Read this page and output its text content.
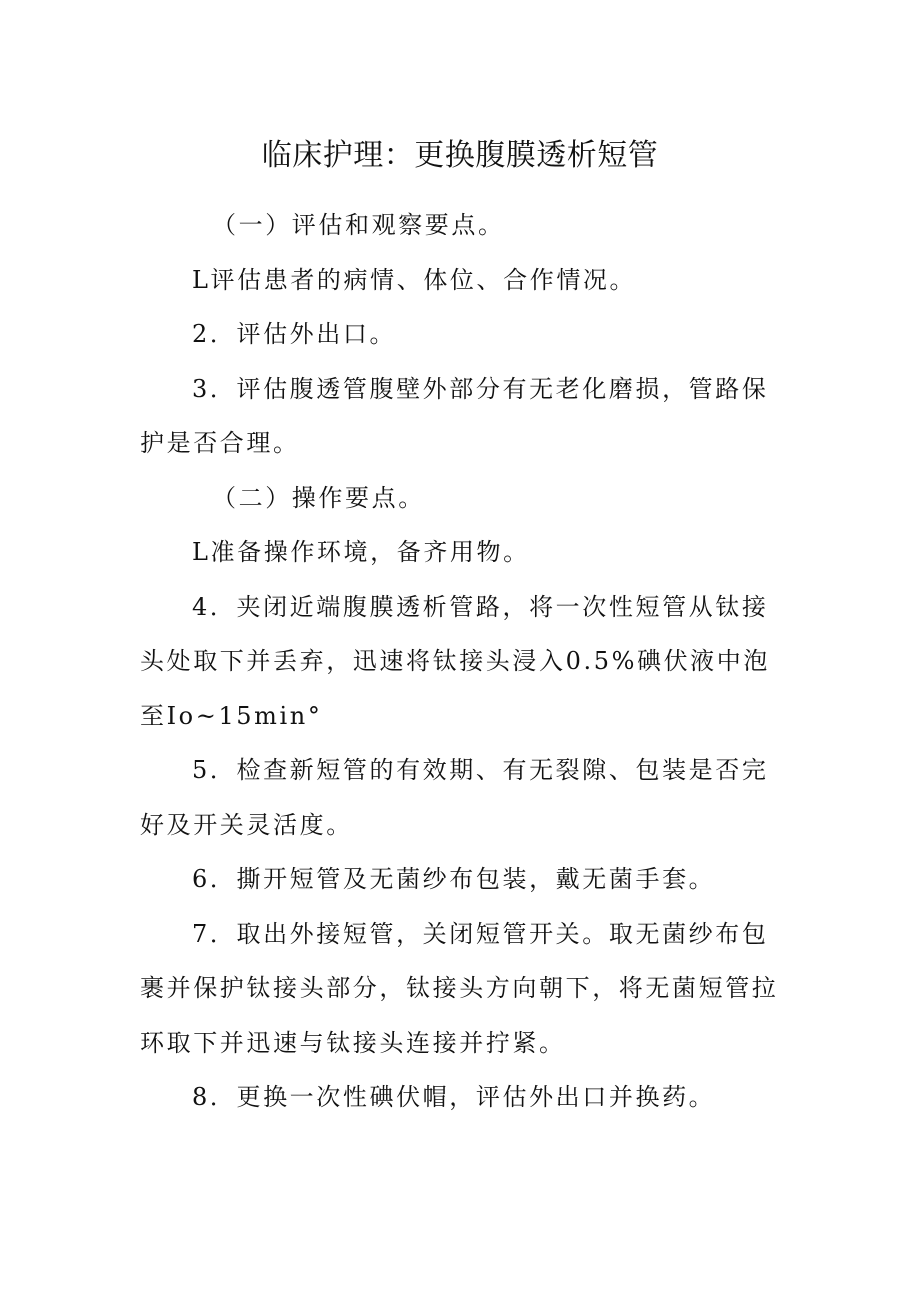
临床护理：更换腹膜透析短管

（一）评估和观察要点。

L评估患者的病情、体位、合作情况。

2．评估外出口。

3．评估腹透管腹壁外部分有无老化磨损，管路保护是否合理。

（二）操作要点。

L准备操作环境，备齐用物。

4．夹闭近端腹膜透析管路，将一次性短管从钛接头处取下并丢弃，迅速将钛接头浸入0.5%碘伏液中泡至Io~15min°

5．检查新短管的有效期、有无裂隙、包装是否完好及开关灵活度。

6．撕开短管及无菌纱布包装，戴无菌手套。

7．取出外接短管，关闭短管开关。取无菌纱布包裹并保护钛接头部分，钛接头方向朝下，将无菌短管拉环取下并迅速与钛接头连接并拧紧。

8．更换一次性碘伏帽，评估外出口并换药。
